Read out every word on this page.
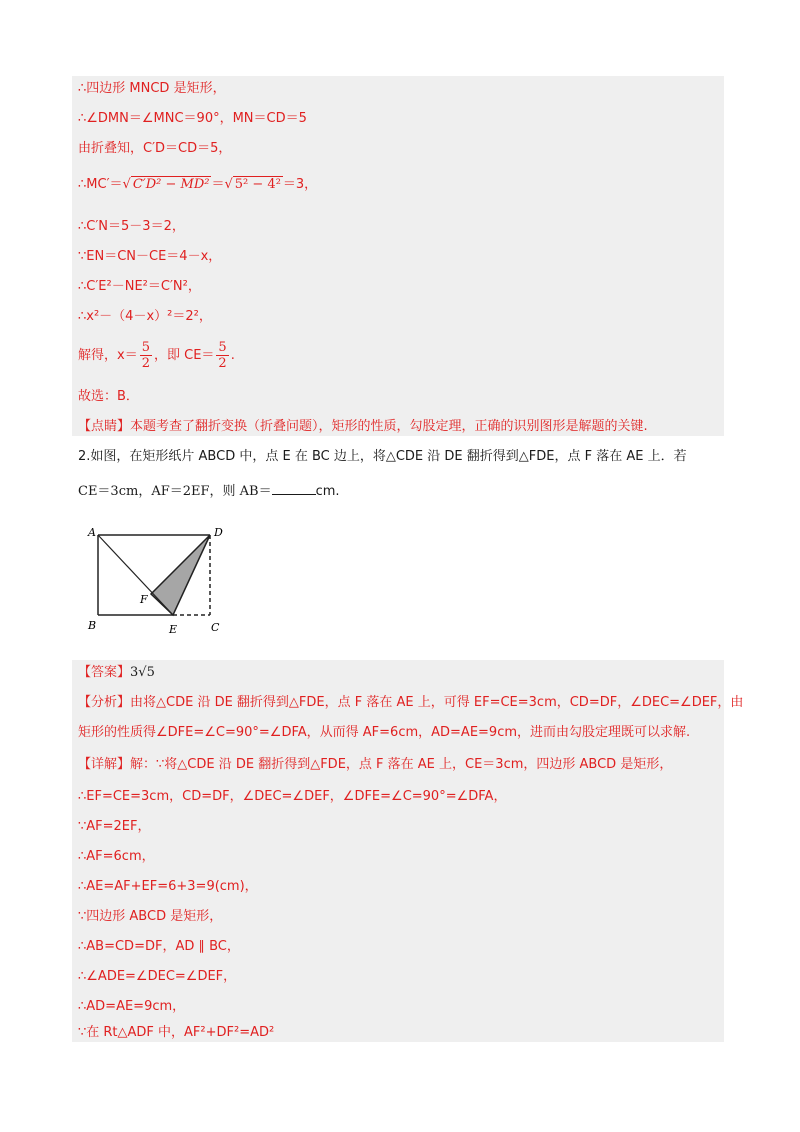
∴四边形 MNCD 是矩形，
∴∠DMN＝∠MNC＝90°，MN＝CD＝5
由折叠知，C′D＝CD＝5，
∴MC′＝√ C′D² − MD² ＝√ 5² − 4² ＝3，
∴C′N＝5－3＝2，
∵EN＝CN－CE＝4－x，
∴C′E²－NE²＝C′N²，
∴x²－（4－x）²＝2²，
解得，$x= \frac{5}{2}$ ，即 $CE= \frac{5}{2}$ .
故选：B．
【点睛】本题考查了翻折变换（折叠问题），矩形的性质，勾股定理，正确的识别图形是解题的关键.
2.如图，在矩形纸片 ABCD 中，点 E 在 BC 边上，将△CDE 沿 DE 翻折得到△FDE，点 F 落在 AE 上．若
CE＝3cm，AF＝2EF，则 AB＝	cm.
A	D
B	E	C
F
【答案】3√5
【分析】由将△CDE 沿 DE 翻折得到△FDE，点 F 落在 AE 上，可得 EF=CE=3cm，CD=DF，∠DEC=∠DEF，由
矩形的性质得∠DFE=∠C=90°=∠DFA，从而得 AF=6cm，AD=AE=9cm，进而由勾股定理既可以求解.
【详解】解：∵将△CDE 沿 DE 翻折得到△FDE，点 F 落在 AE 上，CE＝3cm，四边形 ABCD 是矩形，
∴EF=CE=3cm，CD=DF，∠DEC=∠DEF，∠DFE=∠C=90°=∠DFA，
∵AF=2EF，
∴AF=6cm，
∴AE=AF+EF=6+3=9(cm)，
∵四边形 ABCD 是矩形，
∴AB=CD=DF，AD ∥ BC，
∴∠ADE=∠DEC=∠DEF，
∴AD=AE=9cm，
∵在 Rt△ADF 中，AF²+DF²=AD²
